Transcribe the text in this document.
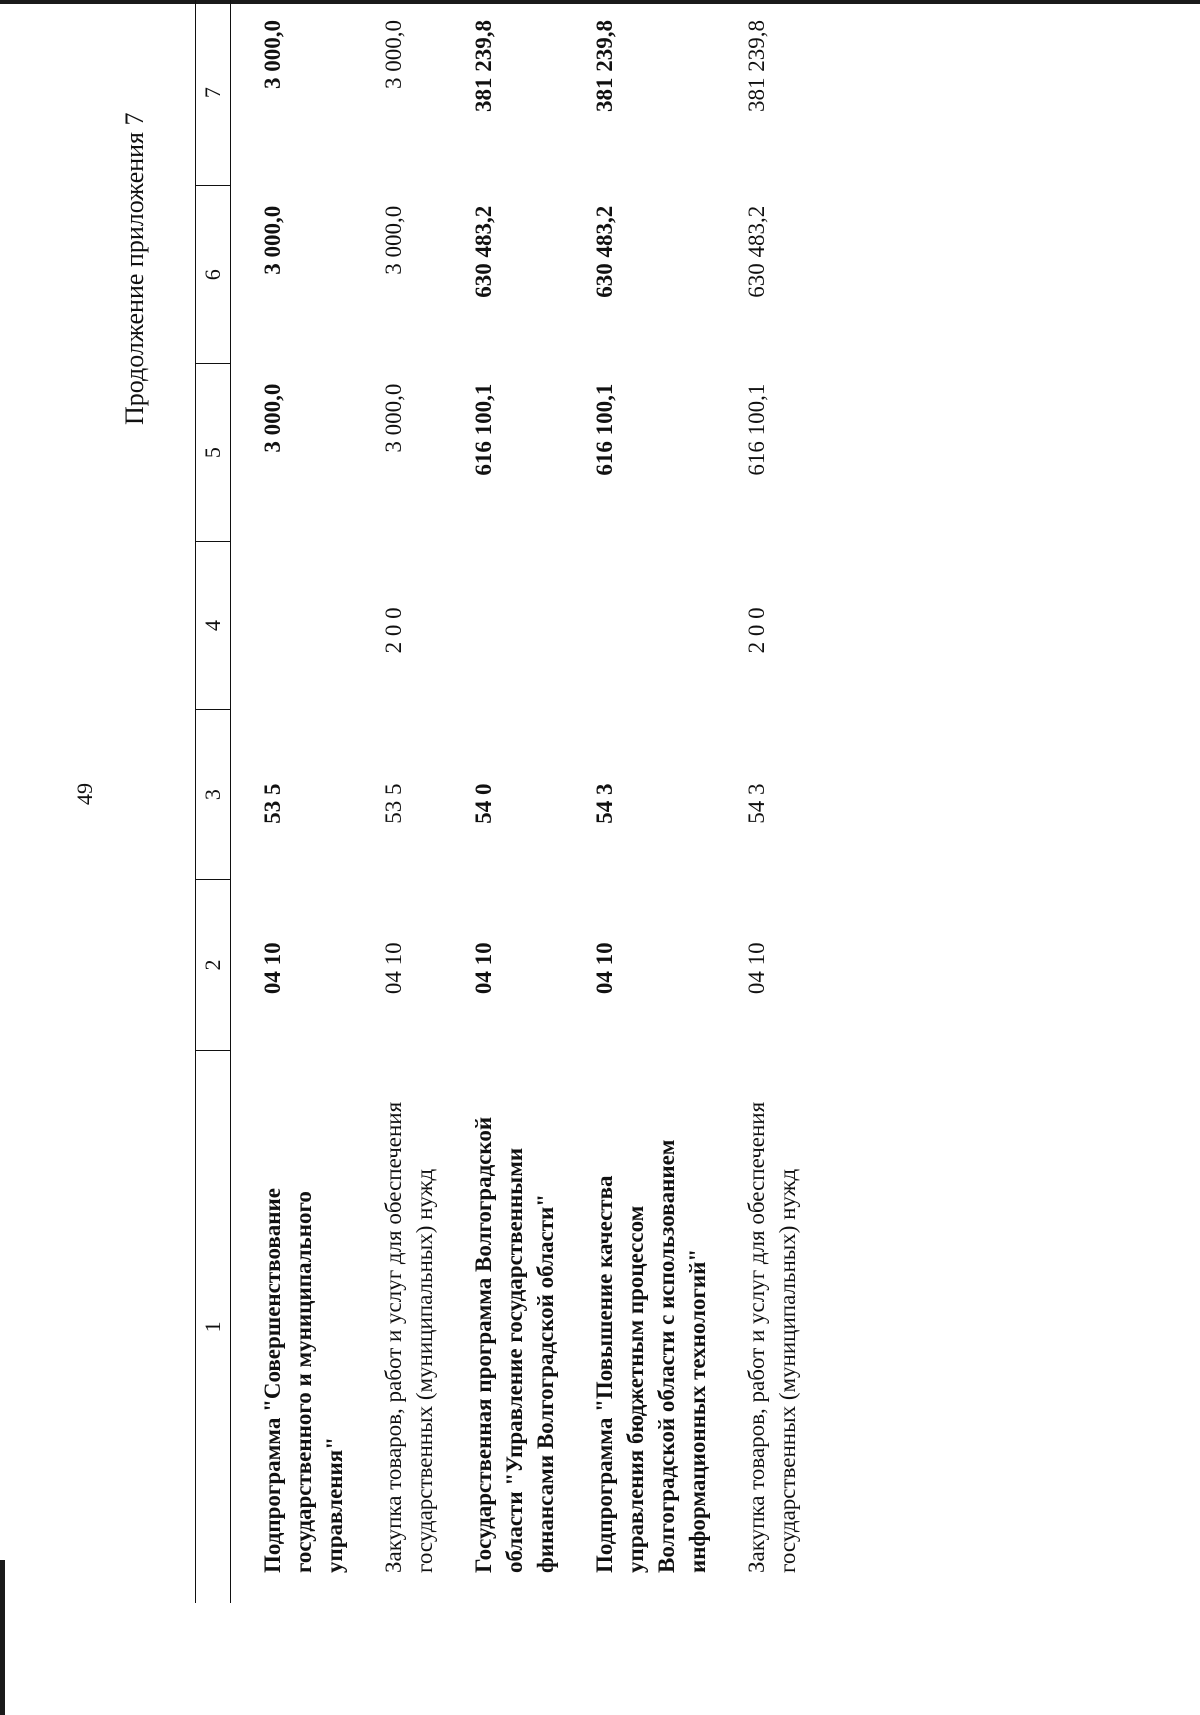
49
Продолжение приложения 7
1	2	3	4	5	6	7

Подпрограмма "Совершенствование государственного и муниципального управления"	04 10	53 5		3 000,0	3 000,0	3 000,0
Закупка товаров, работ и услуг для обеспечения государственных (муниципальных) нужд	04 10	53 5	2 0 0	3 000,0	3 000,0	3 000,0
Государственная программа Волгоградской области "Управление государственными финансами Волгоградской области"	04 10	54 0		616 100,1	630 483,2	381 239,8
Подпрограмма "Повышение качества управления бюджетным процессом Волгоградской области с использованием информационных технологий"	04 10	54 3		616 100,1	630 483,2	381 239,8
Закупка товаров, работ и услуг для обеспечения государственных (муниципальных) нужд	04 10	54 3	2 0 0	616 100,1	630 483,2	381 239,8
